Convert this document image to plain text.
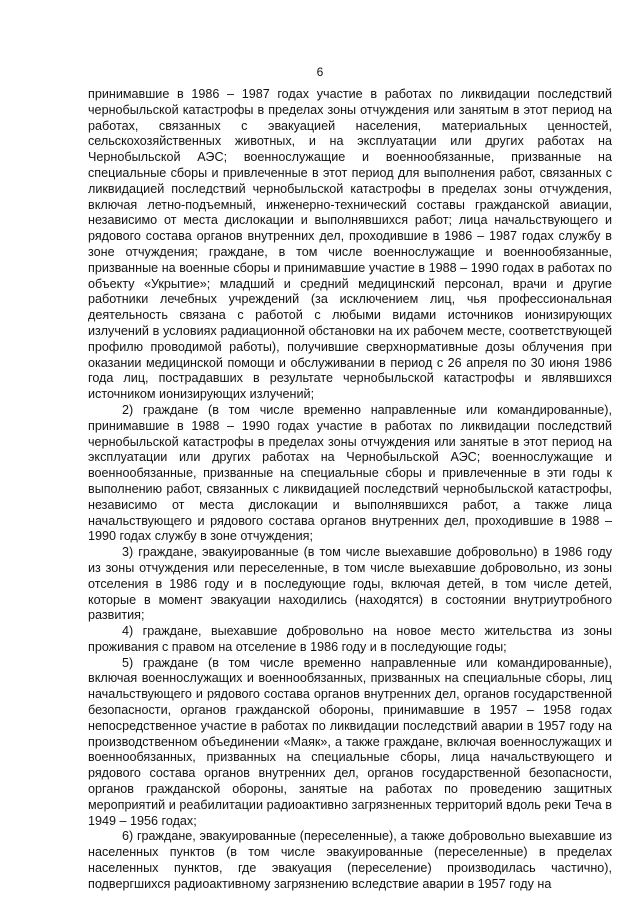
6

принимавшие в 1986 – 1987 годах участие в работах по ликвидации последствий чернобыльской катастрофы в пределах зоны отчуждения или занятым в этот период на работах, связанных с эвакуацией населения, материальных ценностей, сельскохозяйственных животных, и на эксплуатации или других работах на Чернобыльской АЭС; военнослужащие и военнообязанные, призванные на специальные сборы и привлеченные в этот период для выполнения работ, связанных с ликвидацией последствий чернобыльской катастрофы в пределах зоны отчуждения, включая летно-подъемный, инженерно-технический составы гражданской авиации, независимо от места дислокации и выполнявшихся работ; лица начальствующего и рядового состава органов внутренних дел, проходившие в 1986 – 1987 годах службу в зоне отчуждения; граждане, в том числе военнослужащие и военнообязанные, призванные на военные сборы и принимавшие участие в 1988 – 1990 годах в работах по объекту «Укрытие»; младший и средний медицинский персонал, врачи и другие работники лечебных учреждений (за исключением лиц, чья профессиональная деятельность связана с работой с любыми видами источников ионизирующих излучений в условиях радиационной обстановки на их рабочем месте, соответствующей профилю проводимой работы), получившие сверхнормативные дозы облучения при оказании медицинской помощи и обслуживании в период с 26 апреля по 30 июня 1986 года лиц, пострадавших в результате чернобыльской катастрофы и являвшихся источником ионизирующих излучений;

2) граждане (в том числе временно направленные или командированные), принимавшие в 1988 – 1990 годах участие в работах по ликвидации последствий чернобыльской катастрофы в пределах зоны отчуждения или занятые в этот период на эксплуатации или других работах на Чернобыльской АЭС; военнослужащие и военнообязанные, призванные на специальные сборы и привлеченные в эти годы к выполнению работ, связанных с ликвидацией последствий чернобыльской катастрофы, независимо от места дислокации и выполнявшихся работ, а также лица начальствующего и рядового состава органов внутренних дел, проходившие в 1988 – 1990 годах службу в зоне отчуждения;

3) граждане, эвакуированные (в том числе выехавшие добровольно) в 1986 году из зоны отчуждения или переселенные, в том числе выехавшие добровольно, из зоны отселения в 1986 году и в последующие годы, включая детей, в том числе детей, которые в момент эвакуации находились (находятся) в состоянии внутриутробного развития;

4) граждане, выехавшие добровольно на новое место жительства из зоны проживания с правом на отселение в 1986 году и в последующие годы;

5) граждане (в том числе временно направленные или командированные), включая военнослужащих и военнообязанных, призванных на специальные сборы, лиц начальствующего и рядового состава органов внутренних дел, органов государственной безопасности, органов гражданской обороны, принимавшие в 1957 – 1958 годах непосредственное участие в работах по ликвидации последствий аварии в 1957 году на производственном объединении «Маяк», а также граждане, включая военнослужащих и военнообязанных, призванных на специальные сборы, лица начальствующего и рядового состава органов внутренних дел, органов государственной безопасности, органов гражданской обороны, занятые на работах по проведению защитных мероприятий и реабилитации радиоактивно загрязненных территорий вдоль реки Теча в 1949 – 1956 годах;

6) граждане, эвакуированные (переселенные), а также добровольно выехавшие из населенных пунктов (в том числе эвакуированные (переселенные) в пределах населенных пунктов, где эвакуация (переселение) производилась частично), подвергшихся радиоактивному загрязнению вследствие аварии в 1957 году на
